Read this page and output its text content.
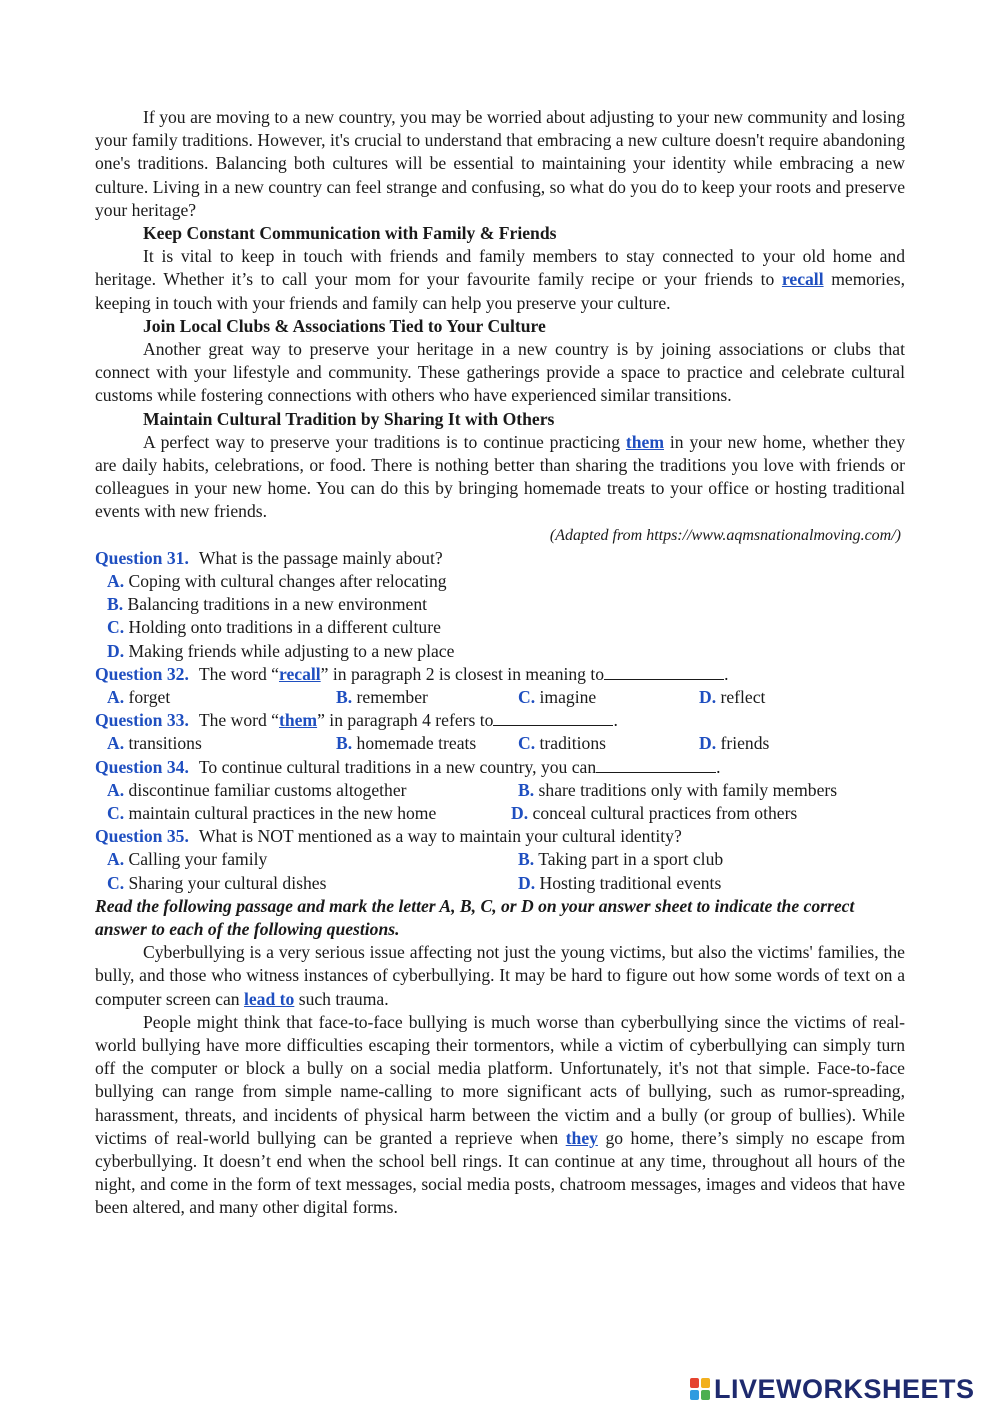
If you are moving to a new country, you may be worried about adjusting to your new community and losing your family traditions. However, it's crucial to understand that embracing a new culture doesn't require abandoning one's traditions. Balancing both cultures will be essential to maintaining your identity while embracing a new culture. Living in a new country can feel strange and confusing, so what do you do to keep your roots and preserve your heritage?

Keep Constant Communication with Family & Friends

It is vital to keep in touch with friends and family members to stay connected to your old home and heritage. Whether it’s to call your mom for your favourite family recipe or your friends to recall memories, keeping in touch with your friends and family can help you preserve your culture.

Join Local Clubs & Associations Tied to Your Culture

Another great way to preserve your heritage in a new country is by joining associations or clubs that connect with your lifestyle and community. These gatherings provide a space to practice and celebrate cultural customs while fostering connections with others who have experienced similar transitions.

Maintain Cultural Tradition by Sharing It with Others

A perfect way to preserve your traditions is to continue practicing them in your new home, whether they are daily habits, celebrations, or food. There is nothing better than sharing the traditions you love with friends or colleagues in your new home. You can do this by bringing homemade treats to your office or hosting traditional events with new friends.

(Adapted from https://www.aqmsnationalmoving.com/)

Question 31. What is the passage mainly about?

A. Coping with cultural changes after relocating

B. Balancing traditions in a new environment

C. Holding onto traditions in a different culture

D. Making friends while adjusting to a new place

Question 32. The word “recall” in paragraph 2 is closest in meaning to	.

A. forget	B. remember	C. imagine	D. reflect

Question 33. The word “them” in paragraph 4 refers to	.

A. transitions	B. homemade treats C. traditions	D. friends

Question 34. To continue cultural traditions in a new country, you can	.

A. discontinue familiar customs altogether	B. share traditions only with family members
C. maintain cultural practices in the new home	D. conceal cultural practices from others

Question 35. What is NOT mentioned as a way to maintain your cultural identity?

A. Calling your family	B. Taking part in a sport club
C. Sharing your cultural dishes	D. Hosting traditional events

Read the following passage and mark the letter A, B, C, or D on your answer sheet to indicate the correct answer to each of the following questions.

Cyberbullying is a very serious issue affecting not just the young victims, but also the victims' families, the bully, and those who witness instances of cyberbullying. It may be hard to figure out how some words of text on a computer screen can lead to such trauma.

People might think that face-to-face bullying is much worse than cyberbullying since the victims of real-world bullying have more difficulties escaping their tormentors, while a victim of cyberbullying can simply turn off the computer or block a bully on a social media platform. Unfortunately, it's not that simple. Face-to-face bullying can range from simple name-calling to more significant acts of bullying, such as rumor-spreading, harassment, threats, and incidents of physical harm between the victim and a bully (or group of bullies). While victims of real-world bullying can be granted a reprieve when they go home, there’s simply no escape from cyberbullying. It doesn’t end when the school bell rings. It can continue at any time, throughout all hours of the night, and come in the form of text messages, social media posts, chatroom messages, images and videos that have been altered, and many other digital forms.

LIVEWORKSHEETS
